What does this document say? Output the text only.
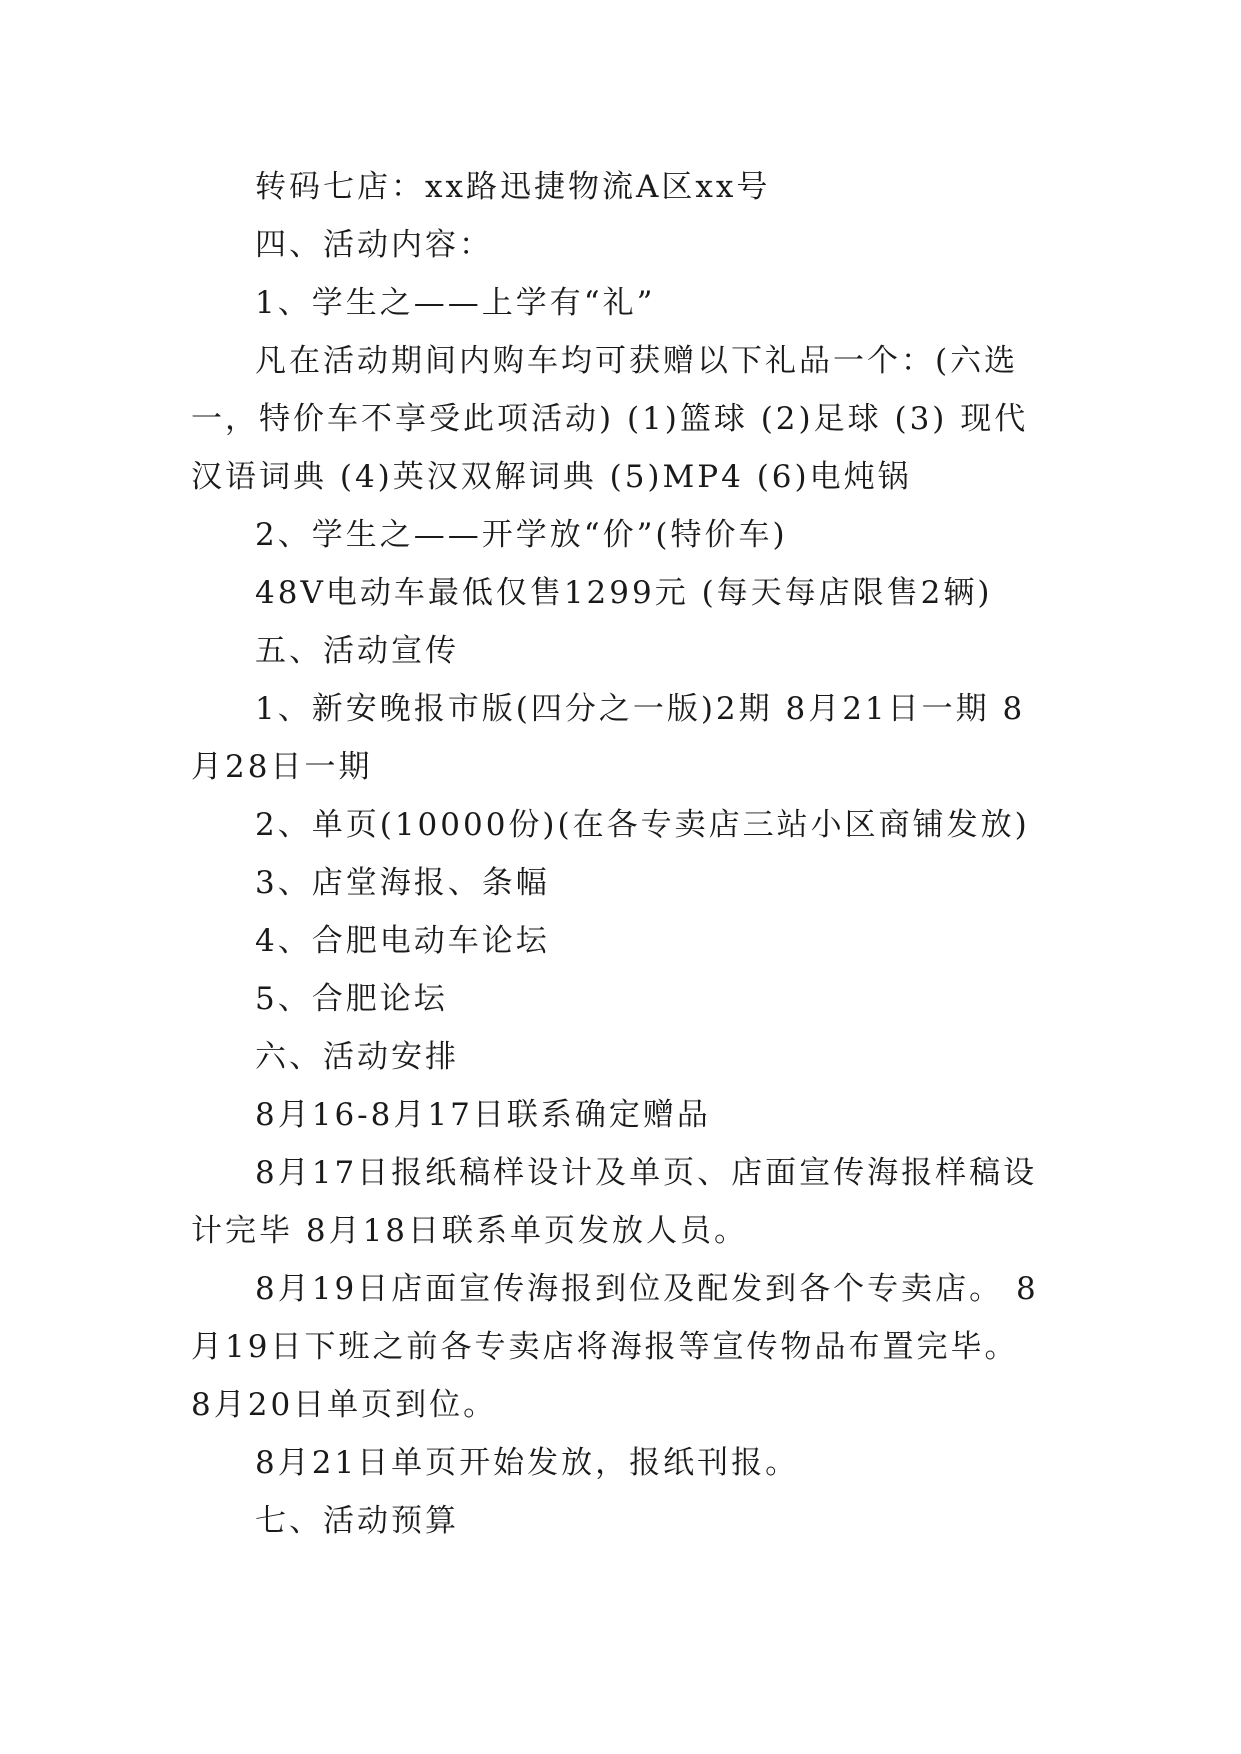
转码七店：xx路迅捷物流A区xx号

四、活动内容：

1、学生之——上学有“礼”

凡在活动期间内购车均可获赠以下礼品一个：(六选一，特价车不享受此项活动) (1)篮球 (2)足球 (3) 现代汉语词典 (4)英汉双解词典 (5)MP4 (6)电炖锅

2、学生之——开学放“价”(特价车)

48V电动车最低仅售1299元 (每天每店限售2辆)

五、活动宣传

1、新安晚报市版(四分之一版)2期 8月21日一期 8月28日一期

2、单页(10000份)(在各专卖店三站小区商铺发放)

3、店堂海报、条幅

4、合肥电动车论坛

5、合肥论坛

六、活动安排

8月16-8月17日联系确定赠品

8月17日报纸稿样设计及单页、店面宣传海报样稿设计完毕 8月18日联系单页发放人员。

8月19日店面宣传海报到位及配发到各个专卖店。 8月19日下班之前各专卖店将海报等宣传物品布置完毕。 8月20日单页到位。

8月21日单页开始发放，报纸刊报。

七、活动预算
